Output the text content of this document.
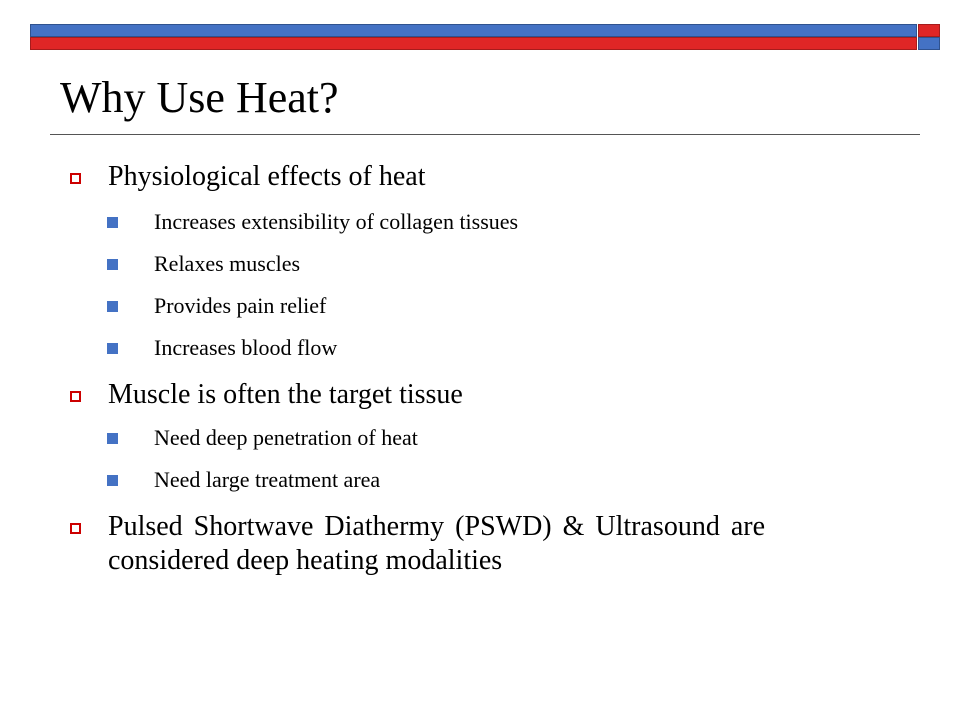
Why Use Heat?
Physiological effects of heat
Increases extensibility of collagen tissues
Relaxes muscles
Provides pain relief
Increases blood flow
Muscle is often the target tissue
Need deep penetration of heat
Need large treatment area
Pulsed Shortwave Diathermy (PSWD) & Ultrasound are
considered deep heating modalities
